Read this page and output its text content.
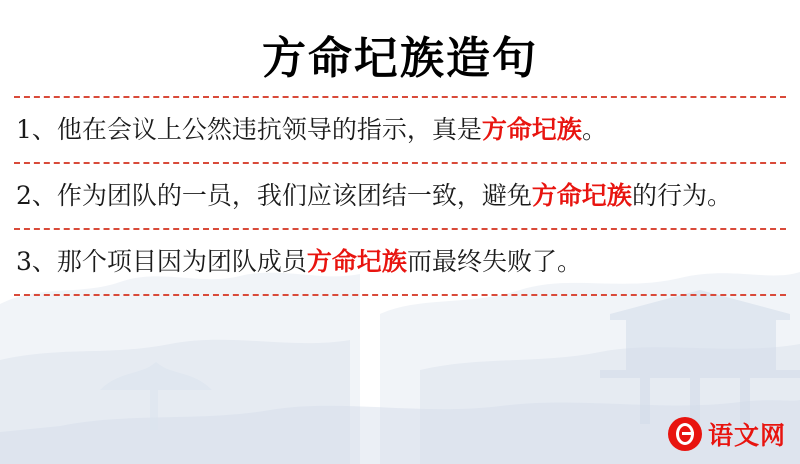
方命圮族造句
1、他在会议上公然违抗领导的指示，真是方命圮族。
2、作为团队的一员，我们应该团结一致，避免方命圮族的行为。
3、那个项目因为团队成员方命圮族而最终失败了。
语文网
